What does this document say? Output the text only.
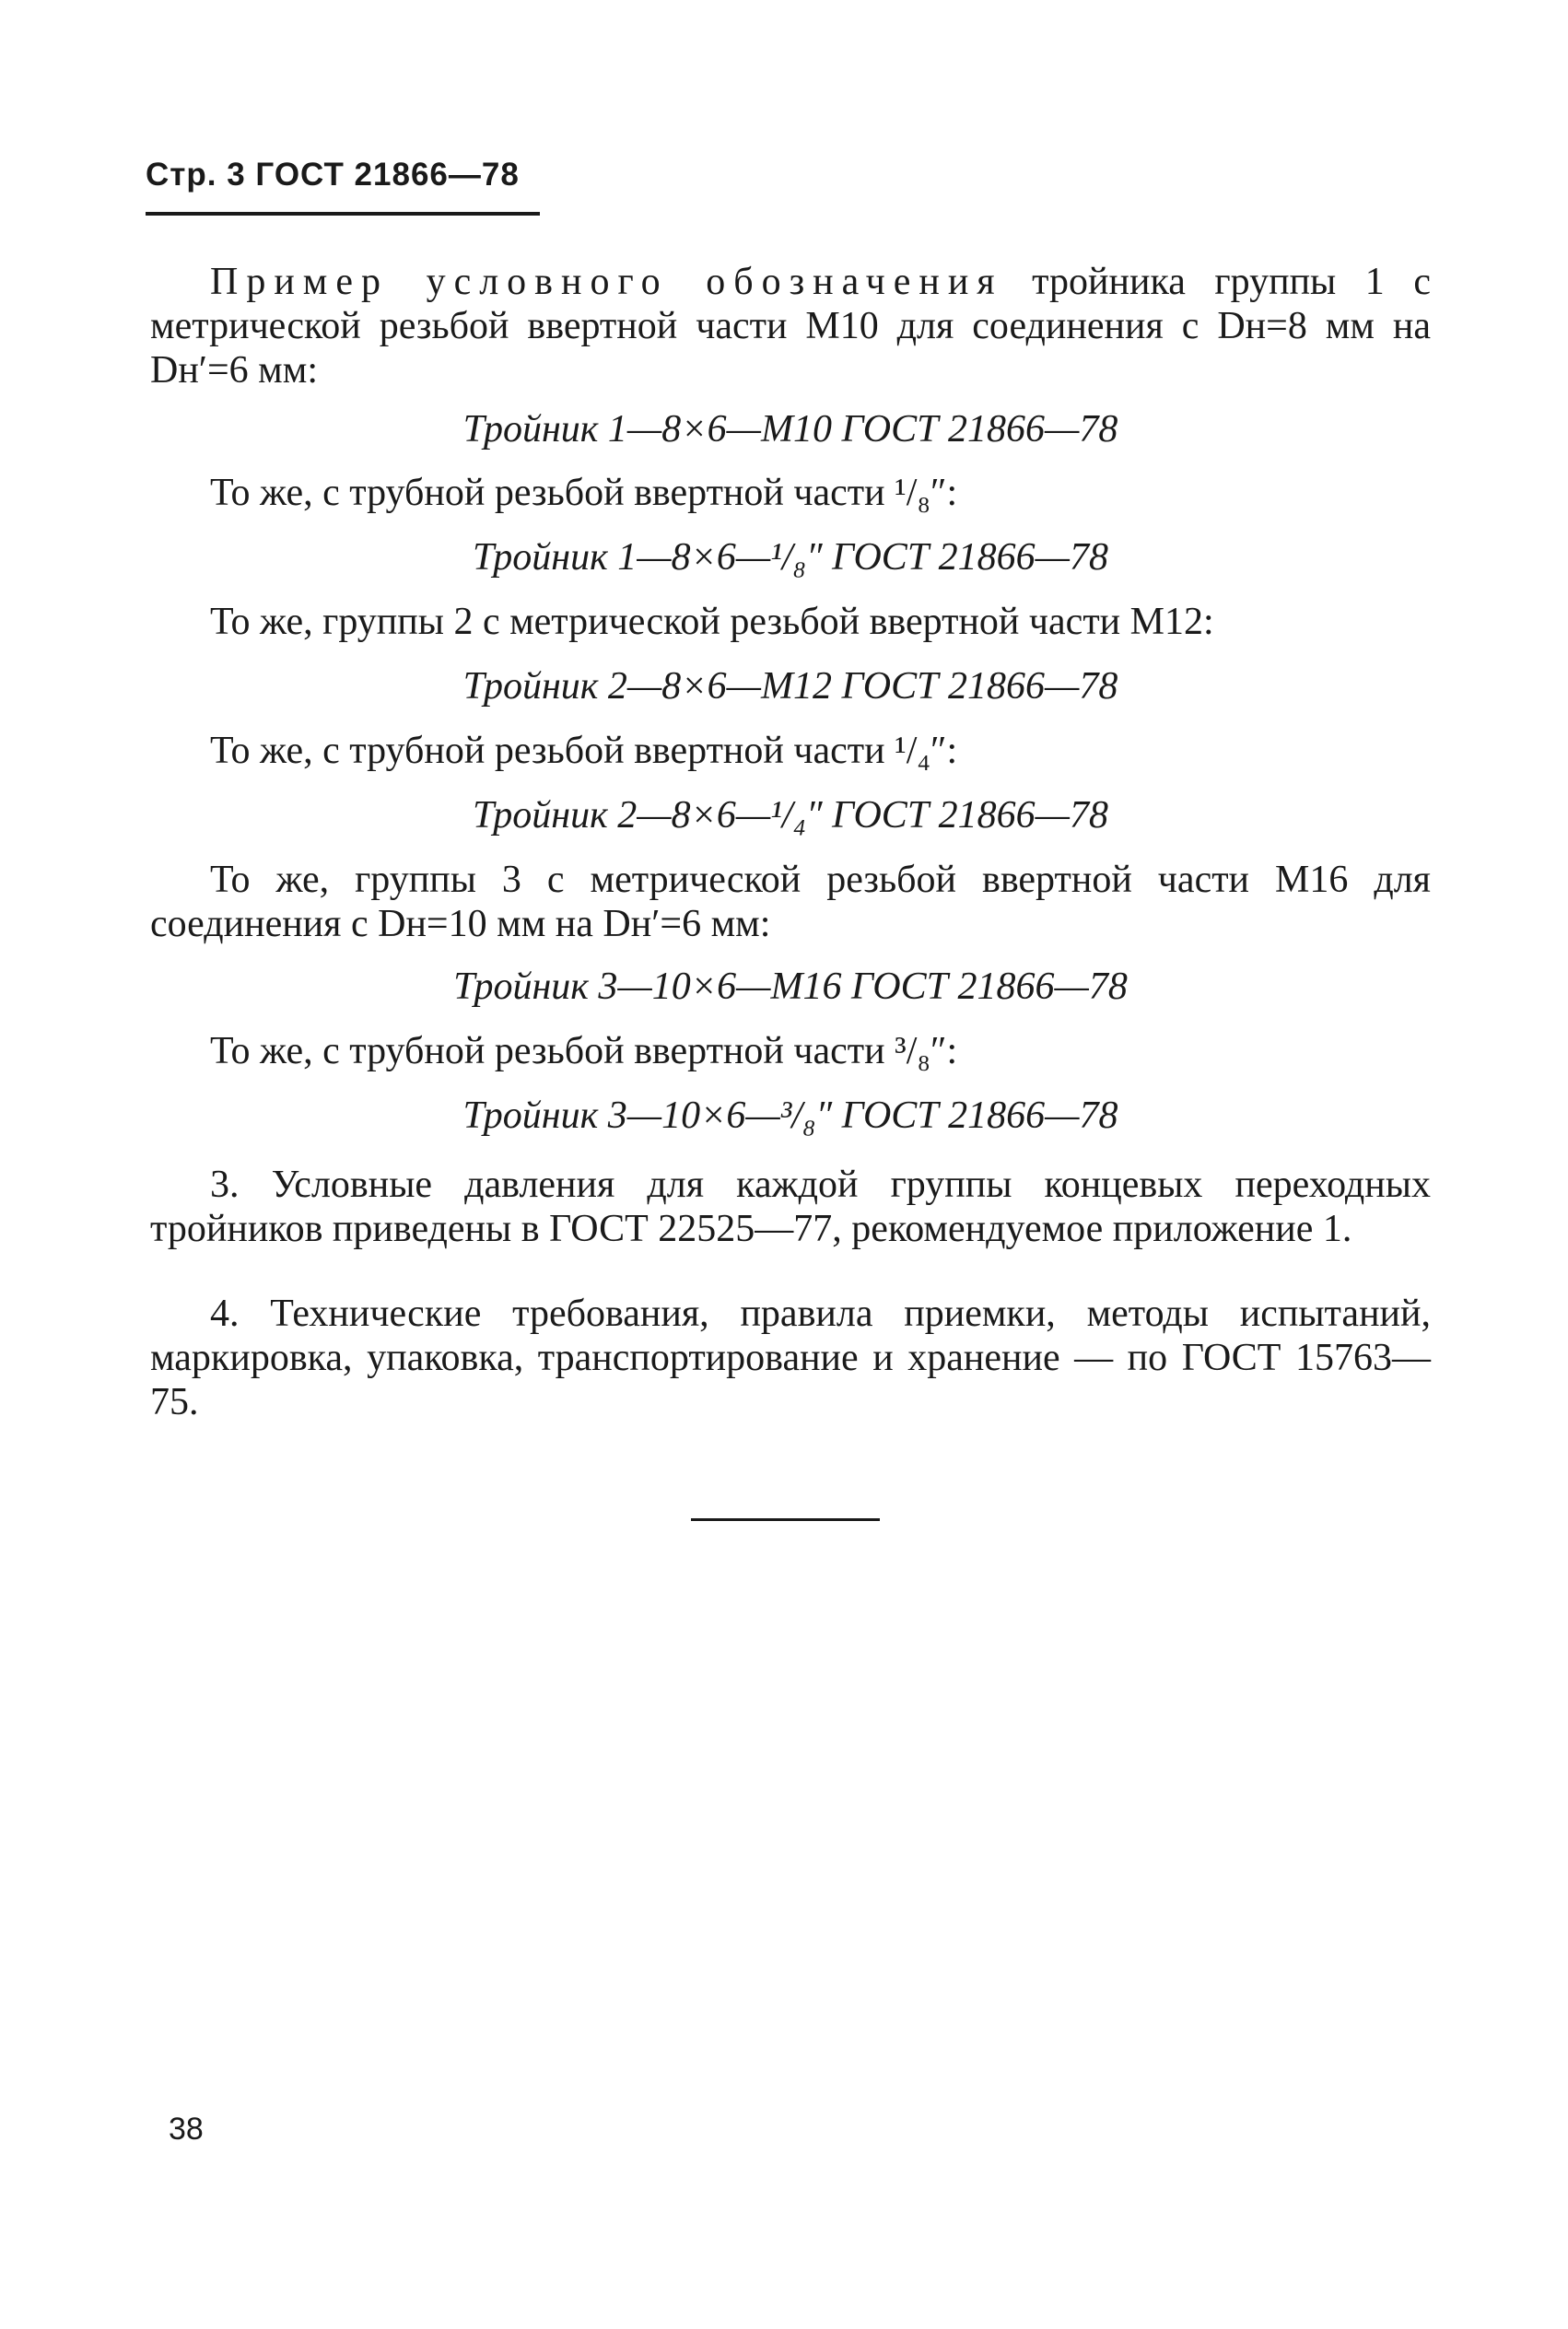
Стр. 3 ГОСТ 21866—78

Пример условного обозначения тройника группы 1 с метрической резьбой ввертной части М10 для соединения с Dн=8 мм на Dн′=6 мм:

Тройник 1—8×6—М10 ГОСТ 21866—78

То же, с трубной резьбой ввертной части ¹/₈″:

Тройник 1—8×6—¹/₈″ ГОСТ 21866—78

То же, группы 2 с метрической резьбой ввертной части М12:

Тройник 2—8×6—М12 ГОСТ 21866—78

То же, с трубной резьбой ввертной части ¹/₄″:

Тройник 2—8×6—¹/₄″ ГОСТ 21866—78

То же, группы 3 с метрической резьбой ввертной части М16 для соединения с Dн=10 мм на Dн′=6 мм:

Тройник 3—10×6—М16 ГОСТ 21866—78

То же, с трубной резьбой ввертной части ³/₈″:

Тройник 3—10×6—³/₈″ ГОСТ 21866—78

3. Условные давления для каждой группы концевых переходных тройников приведены в ГОСТ 22525—77, рекомендуемое приложение 1.

4. Технические требования, правила приемки, методы испытаний, маркировка, упаковка, транспортирование и хранение — по ГОСТ 15763—75.

38
